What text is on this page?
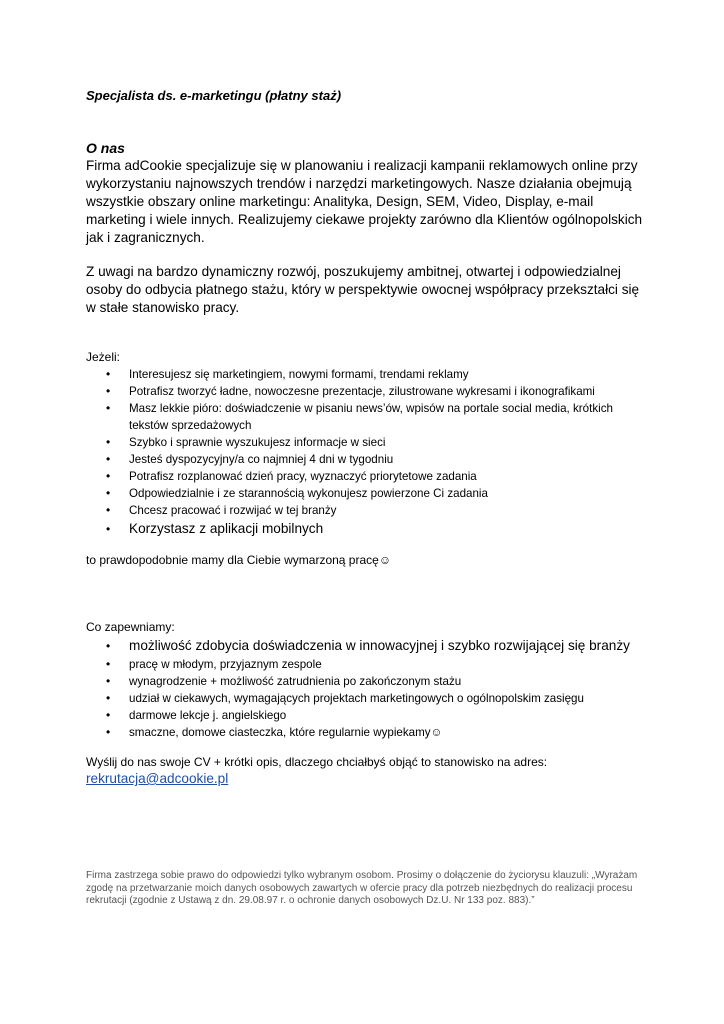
Specjalista ds. e-marketingu (płatny staż)
O nas
Firma adCookie specjalizuje się w planowaniu i realizacji kampanii reklamowych online przy wykorzystaniu najnowszych trendów i narzędzi marketingowych. Nasze działania obejmują wszystkie obszary online marketingu: Analityka, Design, SEM, Video, Display, e-mail marketing i wiele innych. Realizujemy ciekawe projekty zarówno dla Klientów ogólnopolskich jak i zagranicznych.
Z uwagi na bardzo dynamiczny rozwój, poszukujemy ambitnej, otwartej i odpowiedzialnej osoby do odbycia płatnego stażu, który w perspektywie owocnej współpracy przekształci się w stałe stanowisko pracy.
Jeżeli:
• Interesujesz się marketingiem, nowymi formami, trendami reklamy
• Potrafisz tworzyć ładne, nowoczesne prezentacje, zilustrowane wykresami i ikonografikami
• Masz lekkie pióro: doświadczenie w pisaniu news’ów, wpisów na portale social media, krótkich tekstów sprzedażowych
• Szybko i sprawnie wyszukujesz informacje w sieci
• Jesteś dyspozycyjny/a co najmniej 4 dni w tygodniu
• Potrafisz rozplanować dzień pracy, wyznaczyć priorytetowe zadania
• Odpowiedzialnie i ze starannością wykonujesz powierzone Ci zadania
• Chcesz pracować i rozwijać w tej branży
• Korzystasz z aplikacji mobilnych
to prawdopodobnie mamy dla Ciebie wymarzoną pracę☺
Co zapewniamy:
• możliwość zdobycia doświadczenia w innowacyjnej i szybko rozwijającej się branży
• pracę w młodym, przyjaznym zespole
• wynagrodzenie + możliwość zatrudnienia po zakończonym stażu
• udział w ciekawych, wymagających projektach marketingowych o ogólnopolskim zasięgu
• darmowe lekcje j. angielskiego
• smaczne, domowe ciasteczka, które regularnie wypiekamy☺
Wyślij do nas swoje CV + krótki opis, dlaczego chciałbyś objąć to stanowisko na adres:
rekrutacja@adcookie.pl
Firma zastrzega sobie prawo do odpowiedzi tylko wybranym osobom. Prosimy o dołączenie do życiorysu klauzuli: „Wyrażam zgodę na przetwarzanie moich danych osobowych zawartych w ofercie pracy dla potrzeb niezbędnych do realizacji procesu rekrutacji (zgodnie z Ustawą z dn. 29.08.97 r. o ochronie danych osobowych Dz.U. Nr 133 poz. 883).”
